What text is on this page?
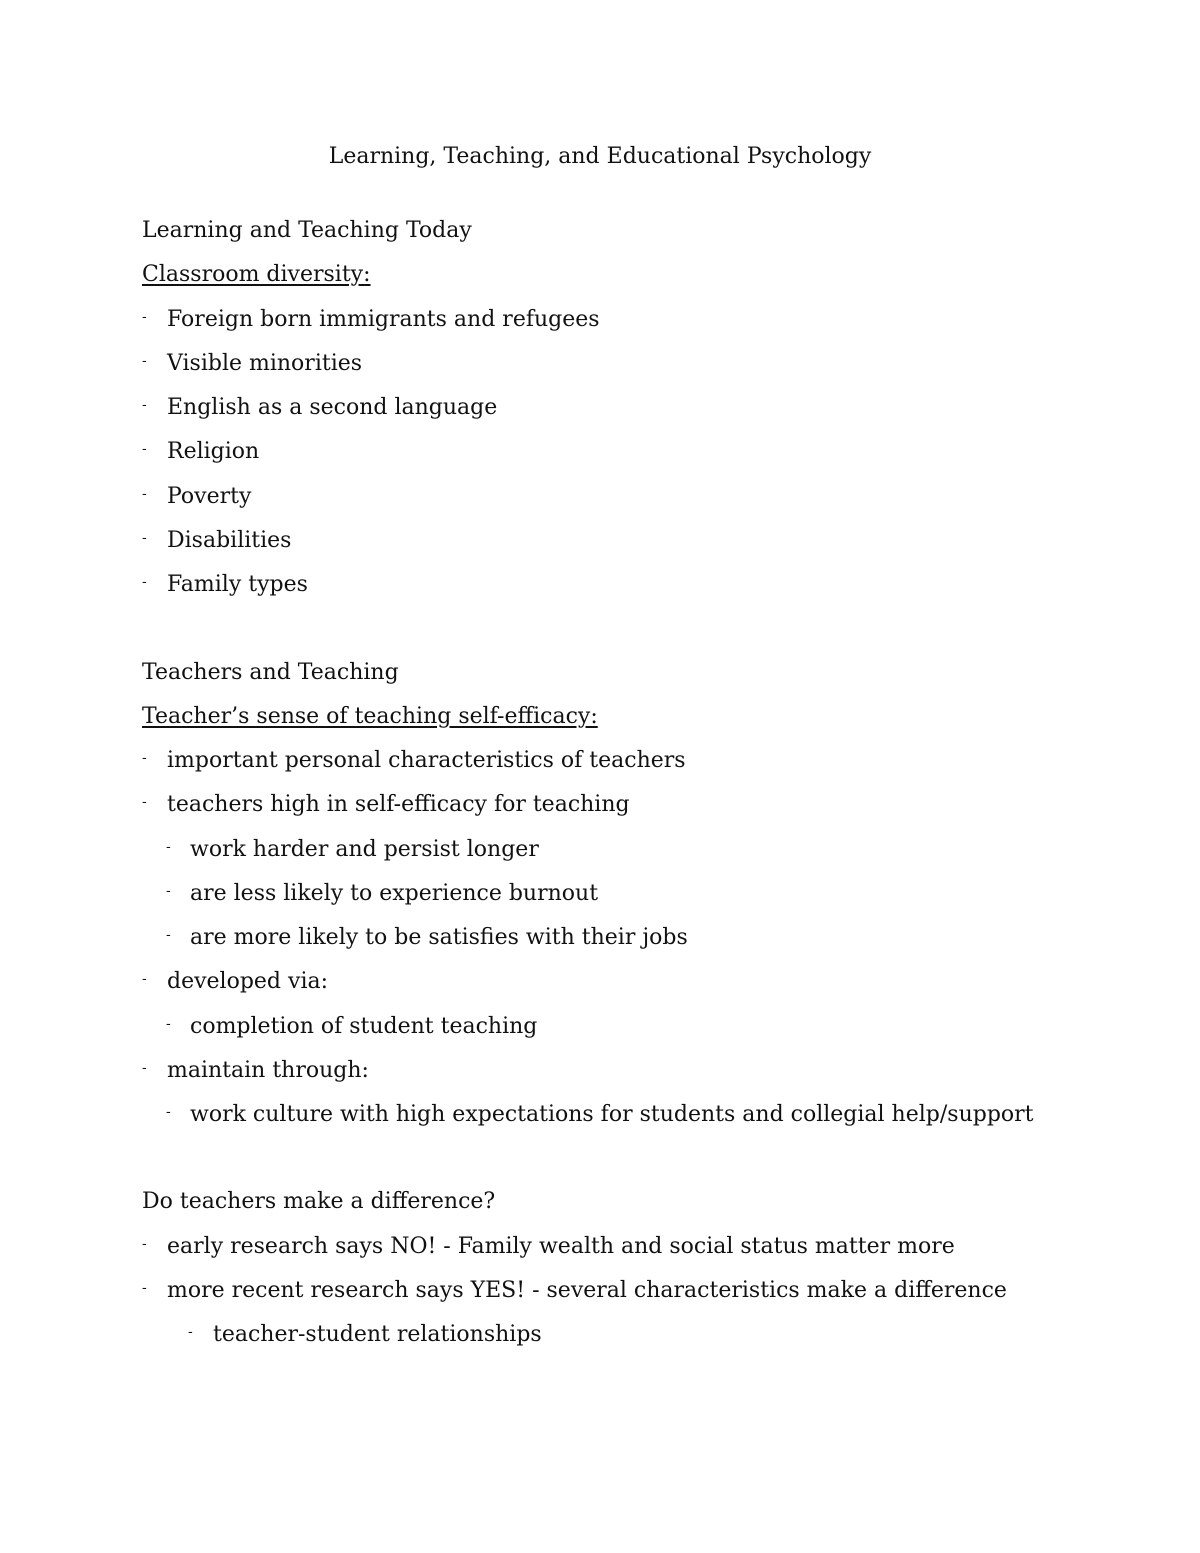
Learning, Teaching, and Educational Psychology
Learning and Teaching Today
Classroom diversity:
- Foreign born immigrants and refugees
- Visible minorities
- English as a second language
- Religion
- Poverty
- Disabilities
- Family types
Teachers and Teaching
Teacher’s sense of teaching self-efficacy:
- important personal characteristics of teachers
- teachers high in self-efficacy for teaching
- work harder and persist longer
- are less likely to experience burnout
- are more likely to be satisfies with their jobs
- developed via:
- completion of student teaching
- maintain through:
- work culture with high expectations for students and collegial help/support
Do teachers make a difference?
- early research says NO! - Family wealth and social status matter more
- more recent research says YES! - several characteristics make a difference
- teacher-student relationships
